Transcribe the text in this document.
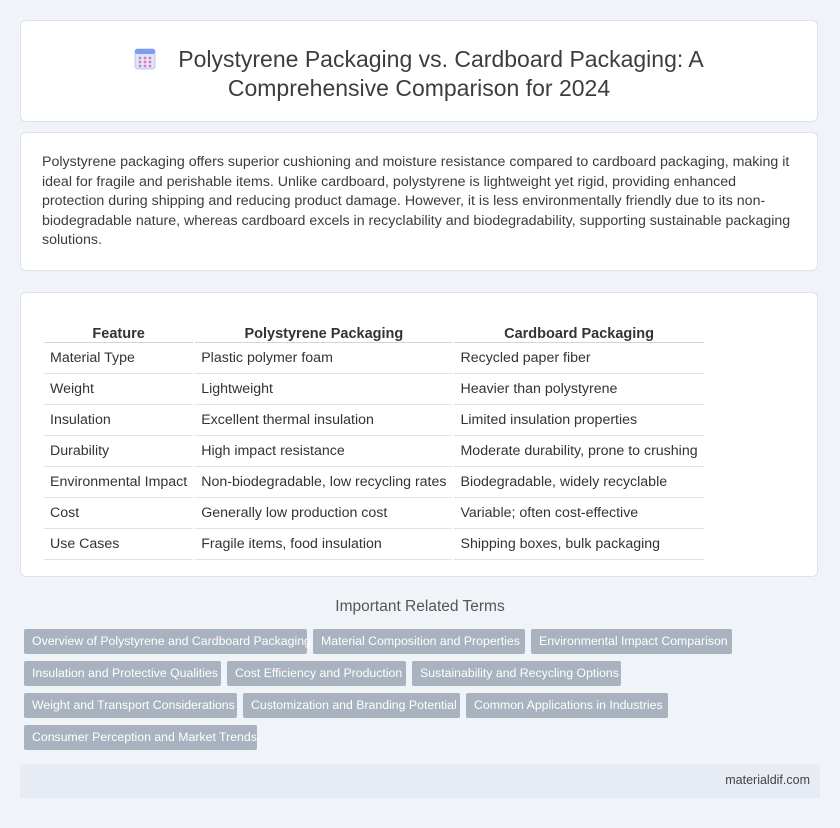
Polystyrene Packaging vs. Cardboard Packaging: A
Comprehensive Comparison for 2024

Polystyrene packaging offers superior cushioning and moisture resistance compared to cardboard packaging, making it ideal for fragile and perishable items. Unlike cardboard, polystyrene is lightweight yet rigid, providing enhanced protection during shipping and reducing product damage. However, it is less environmentally friendly due to its non-biodegradable nature, whereas cardboard excels in recyclability and biodegradability, supporting sustainable packaging solutions.

Feature	Polystyrene Packaging	Cardboard Packaging
Material Type	Plastic polymer foam	Recycled paper fiber
Weight	Lightweight	Heavier than polystyrene
Insulation	Excellent thermal insulation	Limited insulation properties
Durability	High impact resistance	Moderate durability, prone to crushing
Environmental Impact	Non-biodegradable, low recycling rates	Biodegradable, widely recyclable
Cost	Generally low production cost	Variable; often cost-effective
Use Cases	Fragile items, food insulation	Shipping boxes, bulk packaging
Important Related Terms
Overview of Polystyrene and Cardboard Packaging Material Composition and Properties	Environmental Impact Comparison
Insulation and Protective Qualities	Cost Efficiency and Production	Sustainability and Recycling Options
Weight and Transport Considerations	Customization and Branding Potential	Common Applications in Industries
Consumer Perception and Market Trends
materialdif.com
